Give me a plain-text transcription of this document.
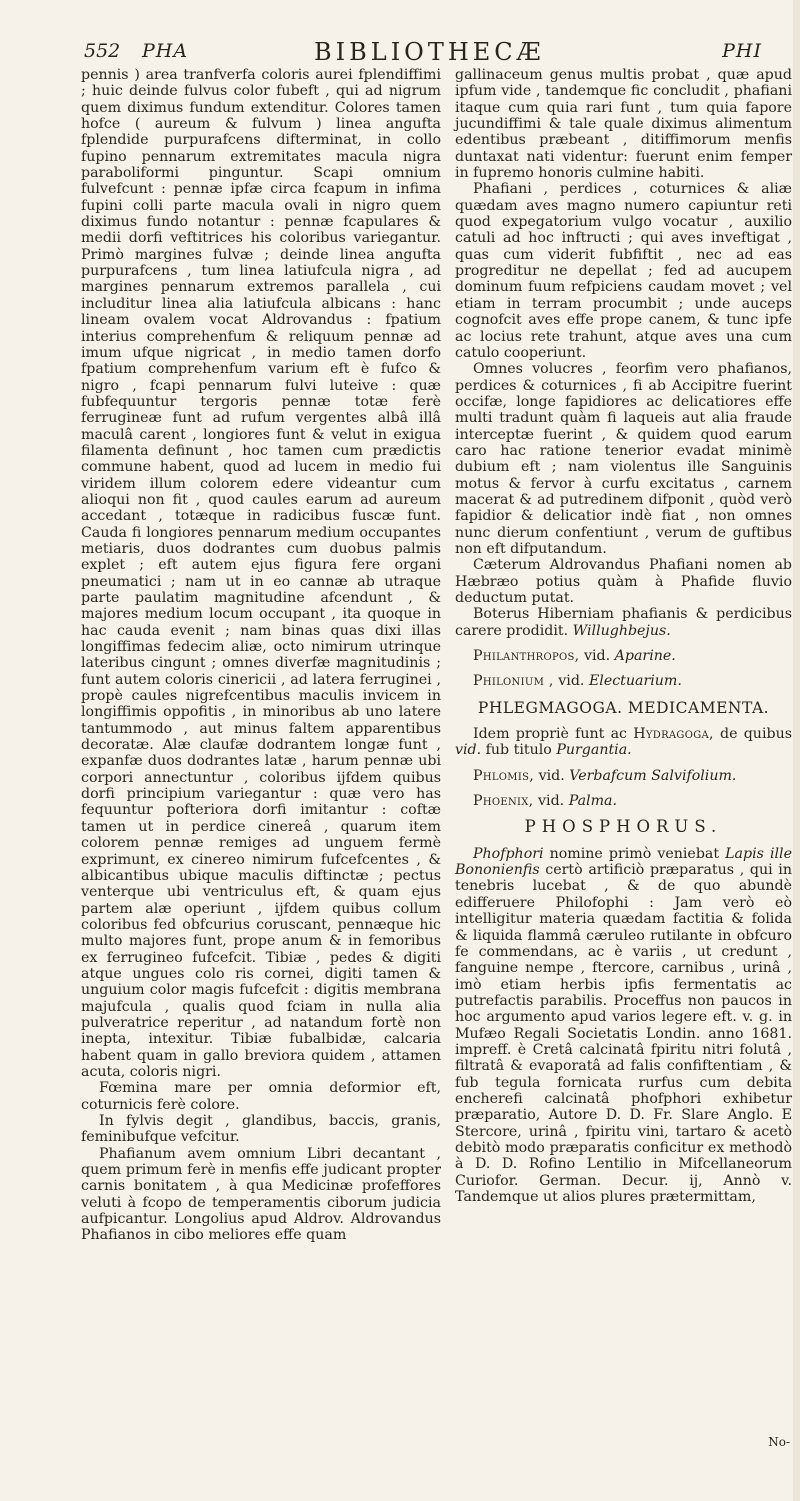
552 PHA	BIBLIOTHECÆ	PHI

pennis ) area tranfverfa coloris aurei fplendiffimi ; huic deinde fulvus color fubeft , qui ad nigrum quem diximus fundum extenditur. Colores tamen hofce ( aureum & fulvum ) linea angufta fplendide purpurafcens difterminat, in collo fupino pennarum extremitates macula nigra paraboliformi pinguntur. Scapi omnium fulvefcunt : pennæ ipfæ circa fcapum in infima fupini colli parte macula ovali in nigro quem diximus fundo notantur : pennæ fcapulares & medii dorfi veftitrices his coloribus variegantur. Primò margines fulvæ ; deinde linea angufta purpurafcens , tum linea latiufcula nigra , ad margines pennarum extremos parallela , cui includitur linea alia latiufcula albicans : hanc lineam ovalem vocat Aldrovandus : fpatium interius comprehenfum & reliquum pennæ ad imum ufque nigricat , in medio tamen dorfo fpatium comprehenfum varium eft è fufco & nigro , fcapi pennarum fulvi luteive : quæ fubfequuntur tergoris pennæ totæ ferè ferrugineæ funt ad rufum vergentes albâ illâ maculâ carent , longiores funt & velut in exigua filamenta definunt , hoc tamen cum prædictis commune habent, quod ad lucem in medio fui viridem illum colorem edere videantur cum alioqui non fit , quod caules earum ad aureum accedant , totæque in radicibus fuscæ funt. Cauda fi longiores pennarum medium occupantes metiaris, duos dodrantes cum duobus palmis explet ; eft autem ejus figura fere organi pneumatici ; nam ut in eo cannæ ab utraque parte paulatim magnitudine afcendunt , & majores medium locum occupant , ita quoque in hac cauda evenit ; nam binas quas dixi illas longiffimas fedecim aliæ, octo nimirum utrinque lateribus cingunt ; omnes diverfæ magnitudinis ; funt autem coloris cinericii , ad latera ferruginei , propè caules nigrefcentibus maculis invicem in longiffimis oppofitis , in minoribus ab uno latere tantummodo , aut minus faltem apparentibus decoratæ. Alæ claufæ dodrantem longæ funt , expanfæ duos dodrantes latæ , harum pennæ ubi corpori annectuntur , coloribus ijfdem quibus dorfi principium variegantur : quæ vero has fequuntur pofteriora dorfi imitantur : coftæ tamen ut in perdice cinereâ , quarum item colorem pennæ remiges ad unguem fermè exprimunt, ex cinereo nimirum fufcefcentes , & albicantibus ubique maculis diftinctæ ; pectus venterque ubi ventriculus eft, & quam ejus partem alæ operiunt , ijfdem quibus collum coloribus fed obfcurius coruscant, pennæque hic multo majores funt, prope anum & in femoribus ex ferrugineo fufcefcit. Tibiæ , pedes & digiti atque ungues colo ris cornei, digiti tamen & unguium color magis fufcefcit : digitis membrana majufcula , qualis quod fciam in nulla alia pulveratrice reperitur , ad natandum fortè non inepta, intexitur. Tibiæ fubalbidæ, calcaria habent quam in gallo breviora quidem , attamen acuta, coloris nigri.

Fœmina mare per omnia deformior eft, coturnicis ferè colore.

In fylvis degit , glandibus, baccis, granis, feminibufque vefcitur.

Phafianum avem omnium Libri decantant , quem primum ferè in menfis effe judicant propter carnis bonitatem , à qua Medicinæ profeffores veluti à fcopo de temperamentis ciborum judicia aufpicantur. Longolius apud Aldrov. Aldrovandus Phafianos in cibo meliores effe quam

gallinaceum genus multis probat , quæ apud ipfum vide , tandemque fic concludit , phafiani itaque cum quia rari funt , tum quia fapore jucundiffimi & tale quale diximus alimentum edentibus præbeant , ditiffimorum menfis duntaxat nati videntur: fuerunt enim femper in fupremo honoris culmine habiti.

Phafiani , perdices , coturnices & aliæ quædam aves magno numero capiuntur reti quod expegatorium vulgo vocatur , auxilio catuli ad hoc inftructi ; qui aves inveftigat , quas cum viderit fubfiftit , nec ad eas progreditur ne depellat ; fed ad aucupem dominum fuum refpiciens caudam movet ; vel etiam in terram procumbit ; unde auceps cognofcit aves effe prope canem, & tunc ipfe ac locius rete trahunt, atque aves una cum catulo cooperiunt.

Omnes volucres , feorfim vero phafianos, perdices & coturnices , fi ab Accipitre fuerint occifæ, longe fapidiores ac delicatiores effe multi tradunt quàm fi laqueis aut alia fraude interceptæ fuerint , & quidem quod earum caro hac ratione tenerior evadat minimè dubium eft ; nam violentus ille Sanguinis motus & fervor à curfu excitatus , carnem macerat & ad putredinem difponit , quòd verò fapidior & delicatior indè fiat , non omnes nunc dierum confentiunt , verum de guftibus non eft difputandum.

Cæterum Aldrovandus Phafiani nomen ab Hæbræo potius quàm à Phafide fluvio deductum putat.

Boterus Hiberniam phafianis & perdicibus carere prodidit. Willughbejus.

Philanthropos, vid. Aparine.

Philonium , vid. Electuarium.

PHLEGMAGOGA. MEDICAMENTA.

Idem propriè funt ac Hydragoga, de quibus vid. fub titulo Purgantia.

Phlomis, vid. Verbafcum Salvifolium.

Phoenix, vid. Palma.

PHOSPHORUS.

Phofphori nomine primò veniebat Lapis ille Bononienfis certò artificiò præparatus , qui in tenebris lucebat , & de quo abundè edifferuere Philofophi : Jam verò eò intelligitur materia quædam factitia & folida & liquida flammâ cæruleo rutilante in obfcuro fe commendans, ac è variis , ut credunt , fanguine nempe , ftercore, carnibus , urinâ , imò etiam herbis ipfis fermentatis ac putrefactis parabilis. Proceffus non paucos in hoc argumento apud varios legere eft. v. g. in Mufæo Regali Societatis Londin. anno 1681. impreff. è Cretâ calcinatâ fpiritu nitri folutâ , filtratâ & evaporatâ ad falis confiftentiam , & fub tegula fornicata rurfus cum debita encherefi calcinatâ phofphori exhibetur præparatio, Autore D. D. Fr. Slare Anglo. E Stercore, urinâ , fpiritu vini, tartaro & acetò debitò modo præparatis conficitur ex methodò à D. D. Rofino Lentilio in Mifcellaneorum Curiofor. German. Decur. ij, Annò v. Tandemque ut alios plures prætermittam,

No-
